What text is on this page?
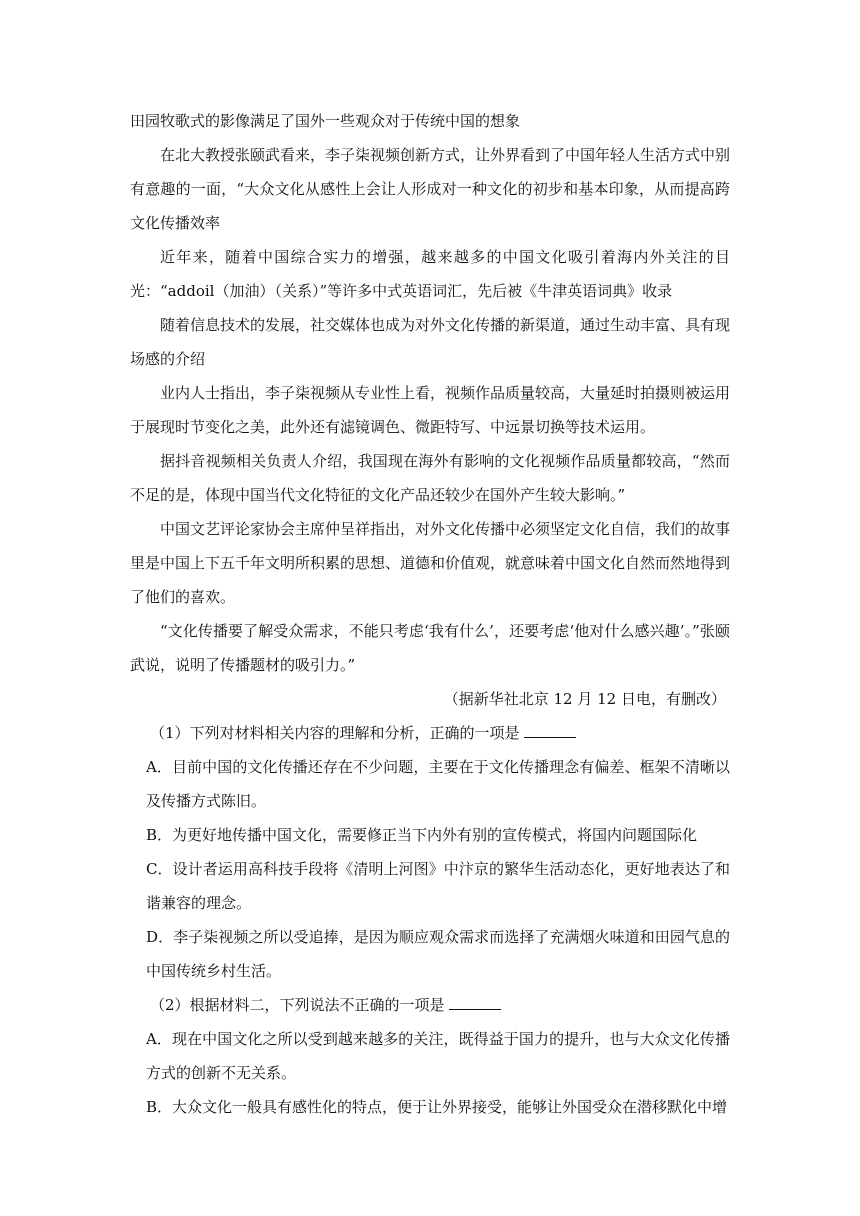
田园牧歌式的影像满足了国外一些观众对于传统中国的想象

在北大教授张颐武看来，李子柒视频创新方式，让外界看到了中国年轻人生活方式中别有意趣的一面，“大众文化从感性上会让人形成对一种文化的初步和基本印象，从而提高跨文化传播效率

近年来，随着中国综合实力的增强，越来越多的中国文化吸引着海内外关注的目光：“addoil（加油）（关系）”等许多中式英语词汇，先后被《牛津英语词典》收录

随着信息技术的发展，社交媒体也成为对外文化传播的新渠道，通过生动丰富、具有现场感的介绍

业内人士指出，李子柒视频从专业性上看，视频作品质量较高，大量延时拍摄则被运用于展现时节变化之美，此外还有滤镜调色、微距特写、中远景切换等技术运用。

据抖音视频相关负责人介绍，我国现在海外有影响的文化视频作品质量都较高，“然而不足的是，体现中国当代文化特征的文化产品还较少在国外产生较大影响。”

中国文艺评论家协会主席仲呈祥指出，对外文化传播中必须坚定文化自信，我们的故事里是中国上下五千年文明所积累的思想、道德和价值观，就意味着中国文化自然而然地得到了他们的喜欢。

“文化传播要了解受众需求，不能只考虑‘我有什么’，还要考虑‘他对什么感兴趣’。”张颐武说，说明了传播题材的吸引力。”

（据新华社北京 12 月 12 日电，有删改）

（1）下列对材料相关内容的理解和分析，正确的一项是

A．目前中国的文化传播还存在不少问题，主要在于文化传播理念有偏差、框架不清晰以及传播方式陈旧。

B．为更好地传播中国文化，需要修正当下内外有别的宣传模式，将国内问题国际化

C．设计者运用高科技手段将《清明上河图》中汴京的繁华生活动态化，更好地表达了和谐兼容的理念。

D．李子柒视频之所以受追捧，是因为顺应观众需求而选择了充满烟火味道和田园气息的中国传统乡村生活。

（2）根据材料二，下列说法不正确的一项是

A．现在中国文化之所以受到越来越多的关注，既得益于国力的提升，也与大众文化传播方式的创新不无关系。

B．大众文化一般具有感性化的特点，便于让外界接受，能够让外国受众在潜移默化中增
